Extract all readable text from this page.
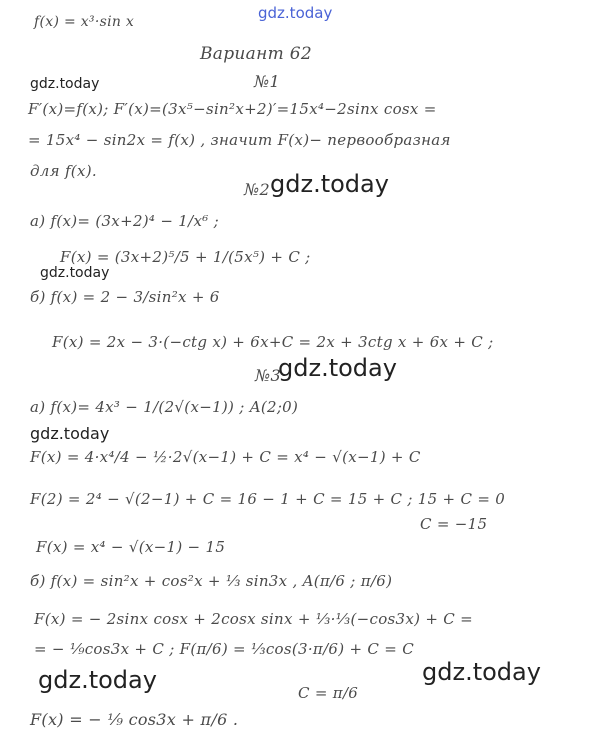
gdz.today
f(x) = x³·sin x
Вариант 62
№1
gdz.today
F′(x)=f(x); F′(x)=(3x⁵−sin²x+2)′=15x⁴−2sinx cosx =
= 15x⁴ − sin2x = f(x) , значит F(x)− первообразная
для f(x).
№2 gdz.today
a) f(x)= (3x+2)⁴ − 1/x⁶ ;
F(x) = (3x+2)⁵/5 + 1/(5x⁵) + C ;
gdz.today
б) f(x) = 2 − 3/sin²x + 6
F(x) = 2x − 3·(−ctg x) + 6x+C = 2x + 3ctg x + 6x + C ;
№3
gdz.today
a) f(x)= 4x³ − 1/(2√(x−1)) ; A(2;0)
gdz.today
F(x) = 4·x⁴/4 − ½·2√(x−1) + C = x⁴ − √(x−1) + C
F(2) = 2⁴ − √(2−1) + C = 16 − 1 + C = 15 + C ; 15 + C = 0
C = −15
F(x) = x⁴ − √(x−1) − 15
б) f(x) = sin²x + cos²x + ⅓ sin3x , A(π/6 ; π/6)
F(x) = − 2sinx cosx + 2cosx sinx + ⅓·⅓(−cos3x) + C =
= − ⅑cos3x + C ; F(π/6) = ⅓cos(3·π/6) + C = C
gdz.today	gdz.today
C = π/6
F(x) = − ⅑ cos3x + π/6 .
